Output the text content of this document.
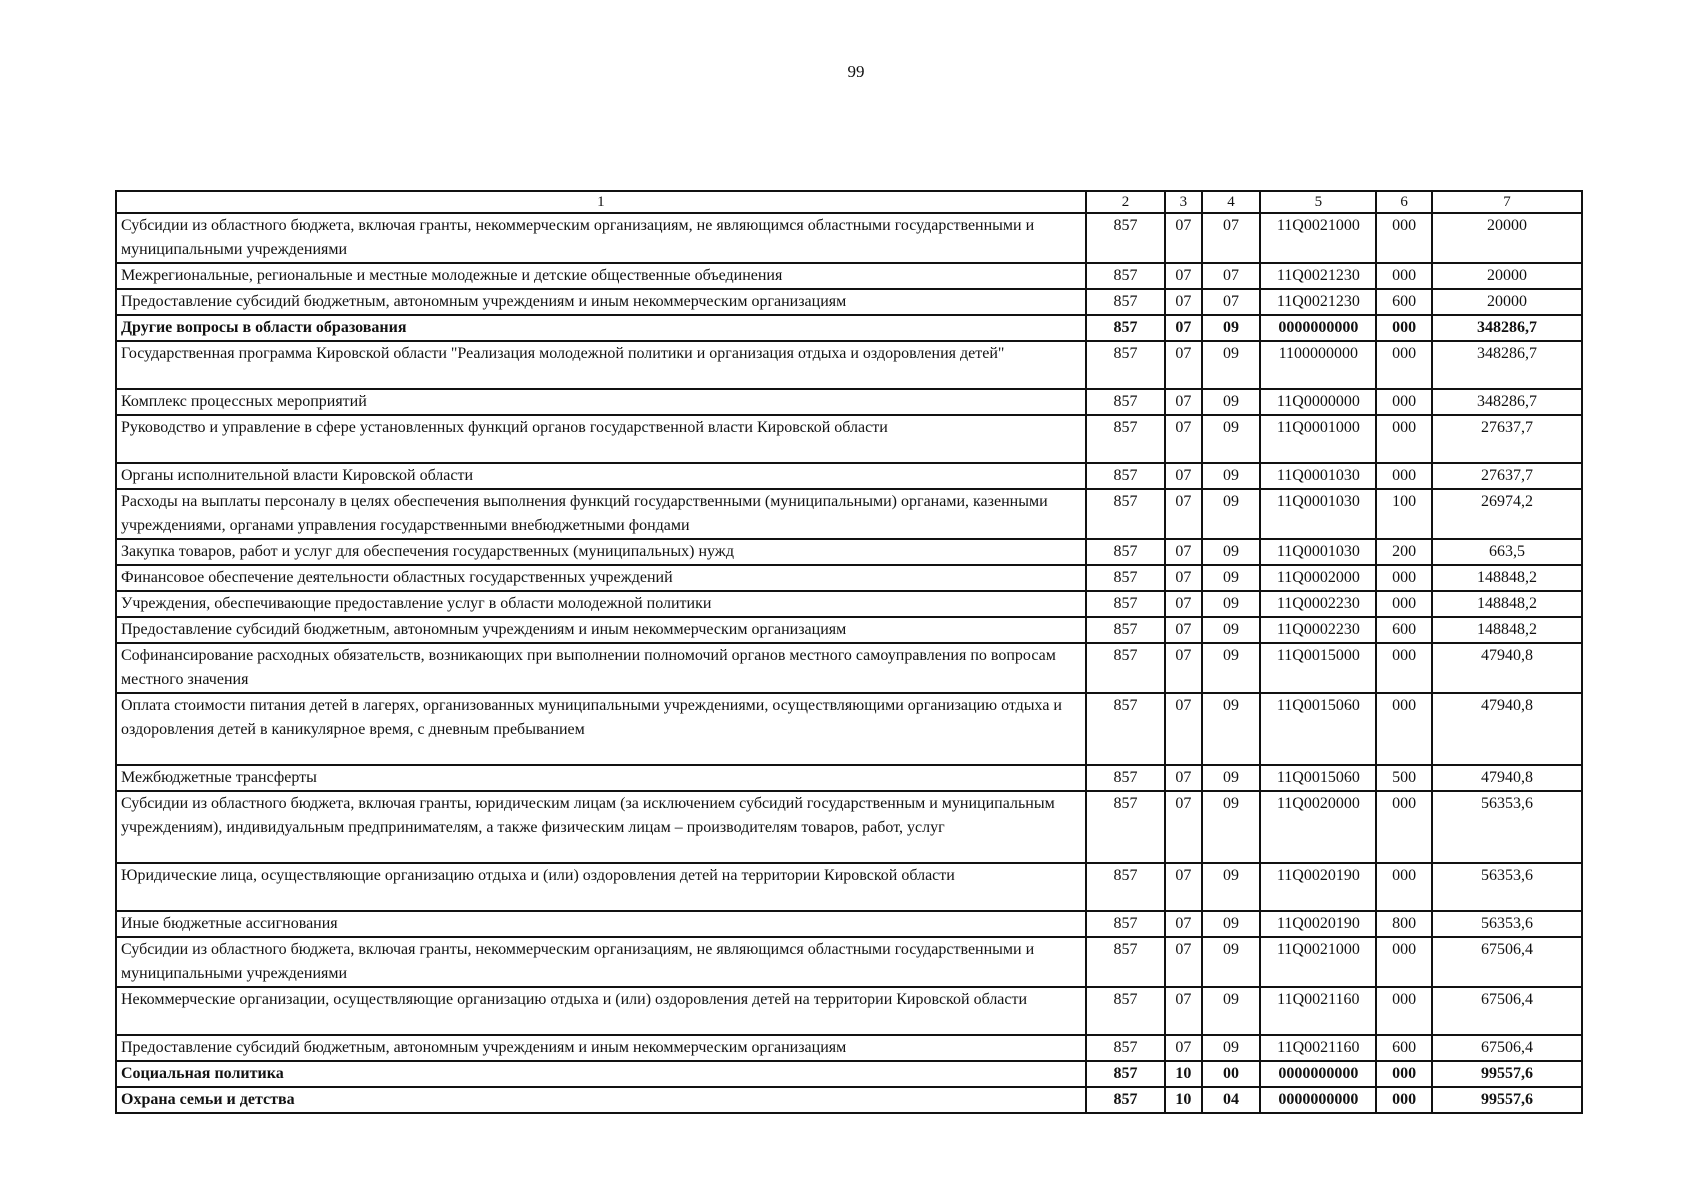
99
1	2	3	4	5	6	7
Субсидии из областного бюджета, включая гранты, некоммерческим организациям, не являющимся областными государственными и муниципальными учреждениями	857	07	07	11Q0021000	000	20000
Межрегиональные, региональные и местные молодежные и детские общественные объединения	857	07	07	11Q0021230	000	20000
Предоставление субсидий бюджетным, автономным учреждениям и иным некоммерческим организациям	857	07	07	11Q0021230	600	20000
Другие вопросы в области образования	857	07	09	0000000000	000	348286,7
Государственная программа Кировской области "Реализация молодежной политики и организация отдыха и оздоровления детей"	857	07	09	1100000000	000	348286,7
Комплекс процессных мероприятий	857	07	09	11Q0000000	000	348286,7
Руководство и управление в сфере установленных функций органов государственной власти Кировской области	857	07	09	11Q0001000	000	27637,7
Органы исполнительной власти Кировской области	857	07	09	11Q0001030	000	27637,7
Расходы на выплаты персоналу в целях обеспечения выполнения функций государственными (муниципальными) органами, казенными учреждениями, органами управления государственными внебюджетными фондами	857	07	09	11Q0001030	100	26974,2
Закупка товаров, работ и услуг для обеспечения государственных (муниципальных) нужд	857	07	09	11Q0001030	200	663,5
Финансовое обеспечение деятельности областных государственных учреждений	857	07	09	11Q0002000	000	148848,2
Учреждения, обеспечивающие предоставление услуг в области молодежной политики	857	07	09	11Q0002230	000	148848,2
Предоставление субсидий бюджетным, автономным учреждениям и иным некоммерческим организациям	857	07	09	11Q0002230	600	148848,2
Софинансирование расходных обязательств, возникающих при выполнении полномочий органов местного самоуправления по вопросам местного значения	857	07	09	11Q0015000	000	47940,8
Оплата стоимости питания детей в лагерях, организованных муниципальными учреждениями, осуществляющими организацию отдыха и оздоровления детей в каникулярное время, с дневным пребыванием	857	07	09	11Q0015060	000	47940,8
Межбюджетные трансферты	857	07	09	11Q0015060	500	47940,8
Субсидии из областного бюджета, включая гранты, юридическим лицам (за исключением субсидий государственным и муниципальным учреждениям), индивидуальным предпринимателям, а также физическим лицам – производителям товаров, работ, услуг	857	07	09	11Q0020000	000	56353,6
Юридические лица, осуществляющие организацию отдыха и (или) оздоровления детей на территории Кировской области	857	07	09	11Q0020190	000	56353,6
Иные бюджетные ассигнования	857	07	09	11Q0020190	800	56353,6
Субсидии из областного бюджета, включая гранты, некоммерческим организациям, не являющимся областными государственными и муниципальными учреждениями	857	07	09	11Q0021000	000	67506,4
Некоммерческие организации, осуществляющие организацию отдыха и (или) оздоровления детей на территории Кировской области	857	07	09	11Q0021160	000	67506,4
Предоставление субсидий бюджетным, автономным учреждениям и иным некоммерческим организациям	857	07	09	11Q0021160	600	67506,4
Социальная политика	857	10	00	0000000000	000	99557,6
Охрана семьи и детства	857	10	04	0000000000	000	99557,6
